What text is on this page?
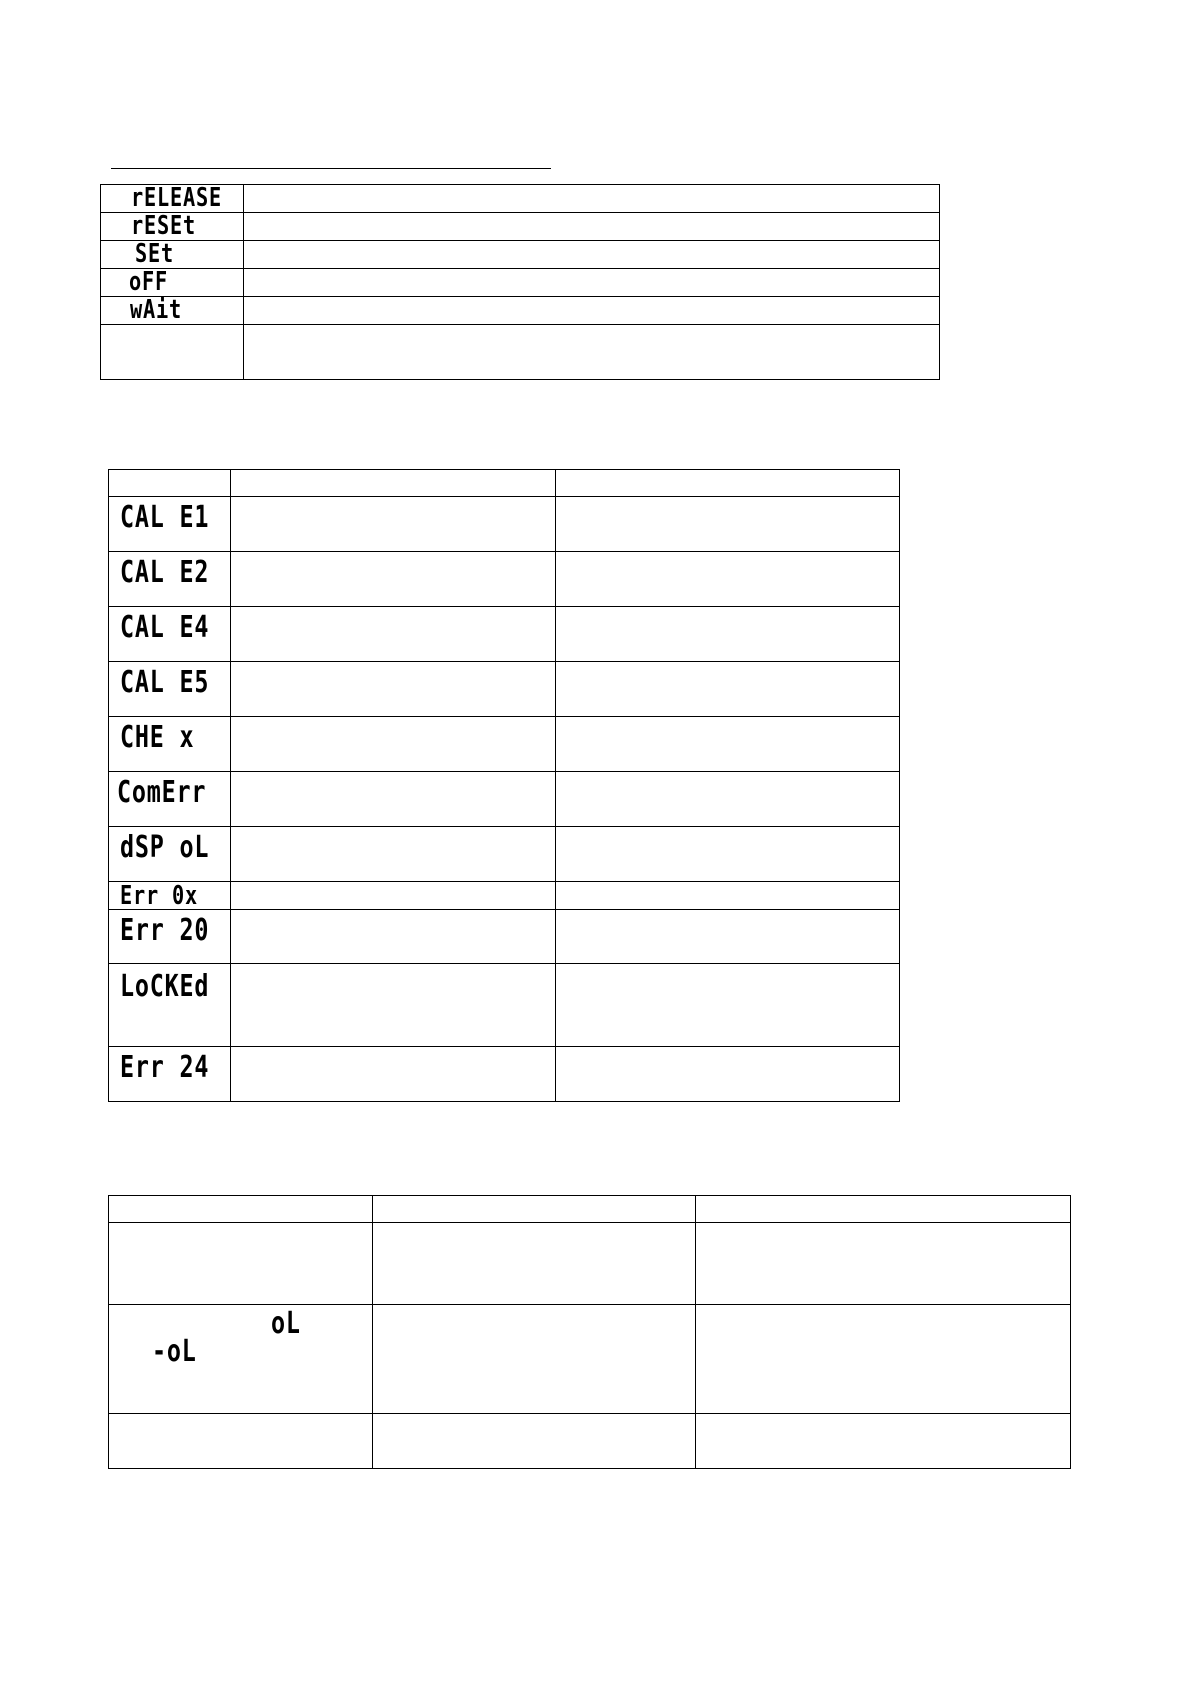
rELEASE	
rESEt	
SEt	
oFF	
wAit	

CAL E1		
CAL E2		
CAL E4		
CAL E5		
CHE x		
ComErr		
dSP oL		
Err 0x		
Err 20		
LoCKEd		
Err 24		

oL
-oL		
